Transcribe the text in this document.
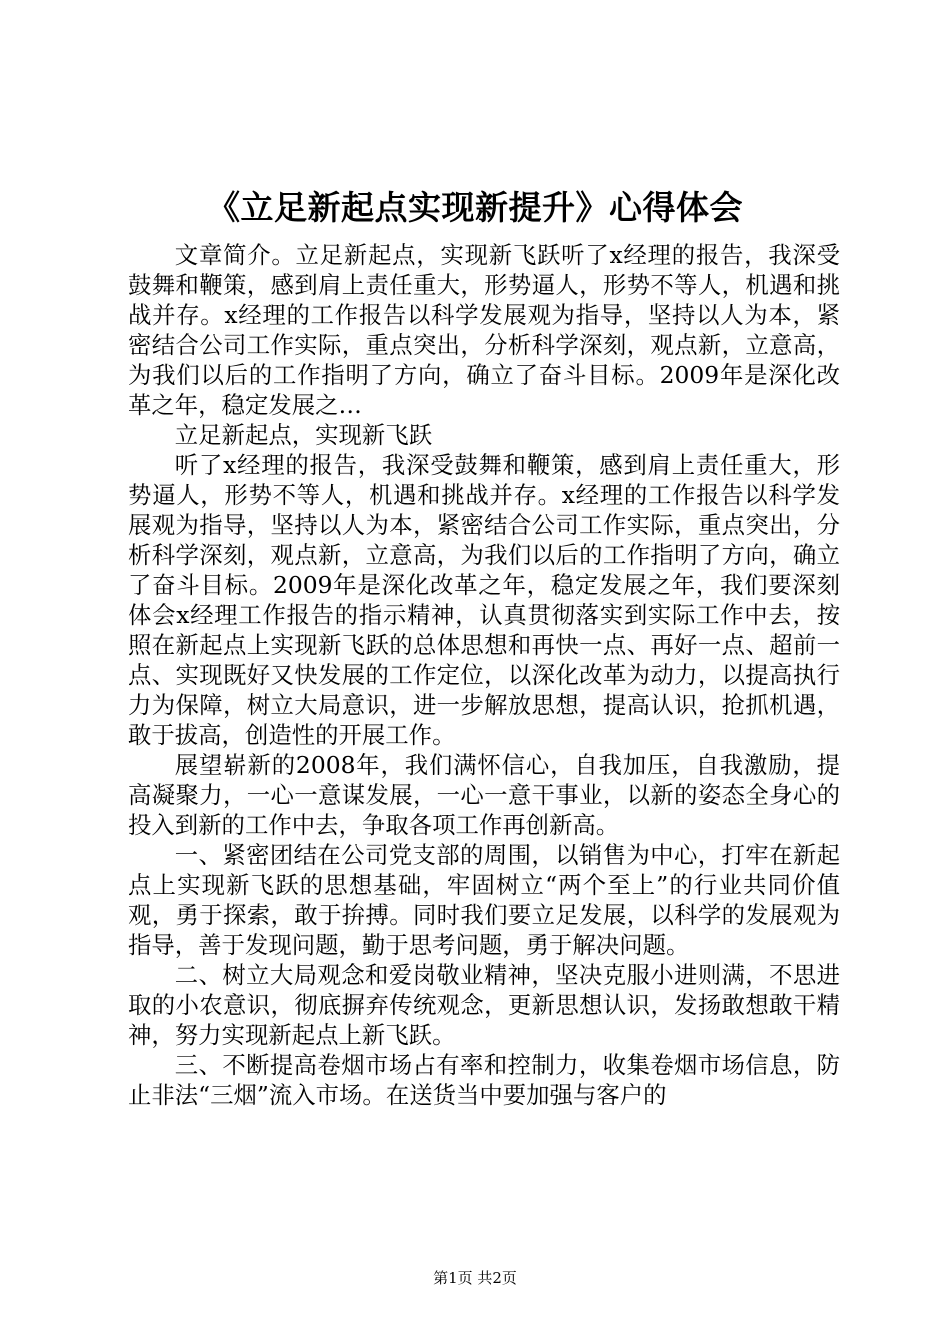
《立足新起点实现新提升》心得体会

文章简介。立足新起点，实现新飞跃听了x经理的报告，我深受鼓舞和鞭策，感到肩上责任重大，形势逼人，形势不等人，机遇和挑战并存。x经理的工作报告以科学发展观为指导，坚持以人为本，紧密结合公司工作实际，重点突出，分析科学深刻，观点新，立意高，为我们以后的工作指明了方向，确立了奋斗目标。2009年是深化改革之年，稳定发展之…

立足新起点，实现新飞跃

听了x经理的报告，我深受鼓舞和鞭策，感到肩上责任重大，形势逼人，形势不等人，机遇和挑战并存。x经理的工作报告以科学发展观为指导，坚持以人为本，紧密结合公司工作实际，重点突出，分析科学深刻，观点新，立意高，为我们以后的工作指明了方向，确立了奋斗目标。2009年是深化改革之年，稳定发展之年，我们要深刻体会x经理工作报告的指示精神，认真贯彻落实到实际工作中去，按照在新起点上实现新飞跃的总体思想和再快一点、再好一点、超前一点、实现既好又快发展的工作定位，以深化改革为动力，以提高执行力为保障，树立大局意识，进一步解放思想，提高认识，抢抓机遇，敢于拔高，创造性的开展工作。

展望崭新的2008年，我们满怀信心，自我加压，自我激励，提高凝聚力，一心一意谋发展，一心一意干事业，以新的姿态全身心的投入到新的工作中去，争取各项工作再创新高。

一、紧密团结在公司党支部的周围，以销售为中心，打牢在新起点上实现新飞跃的思想基础，牢固树立“两个至上”的行业共同价值观，勇于探索，敢于拚搏。同时我们要立足发展，以科学的发展观为指导，善于发现问题，勤于思考问题，勇于解决问题。

二、树立大局观念和爱岗敬业精神，坚决克服小进则满，不思进取的小农意识，彻底摒弃传统观念，更新思想认识，发扬敢想敢干精神，努力实现新起点上新飞跃。

三、不断提高卷烟市场占有率和控制力，收集卷烟市场信息，防止非法“三烟”流入市场。在送货当中要加强与客户的

第1页 共2页
